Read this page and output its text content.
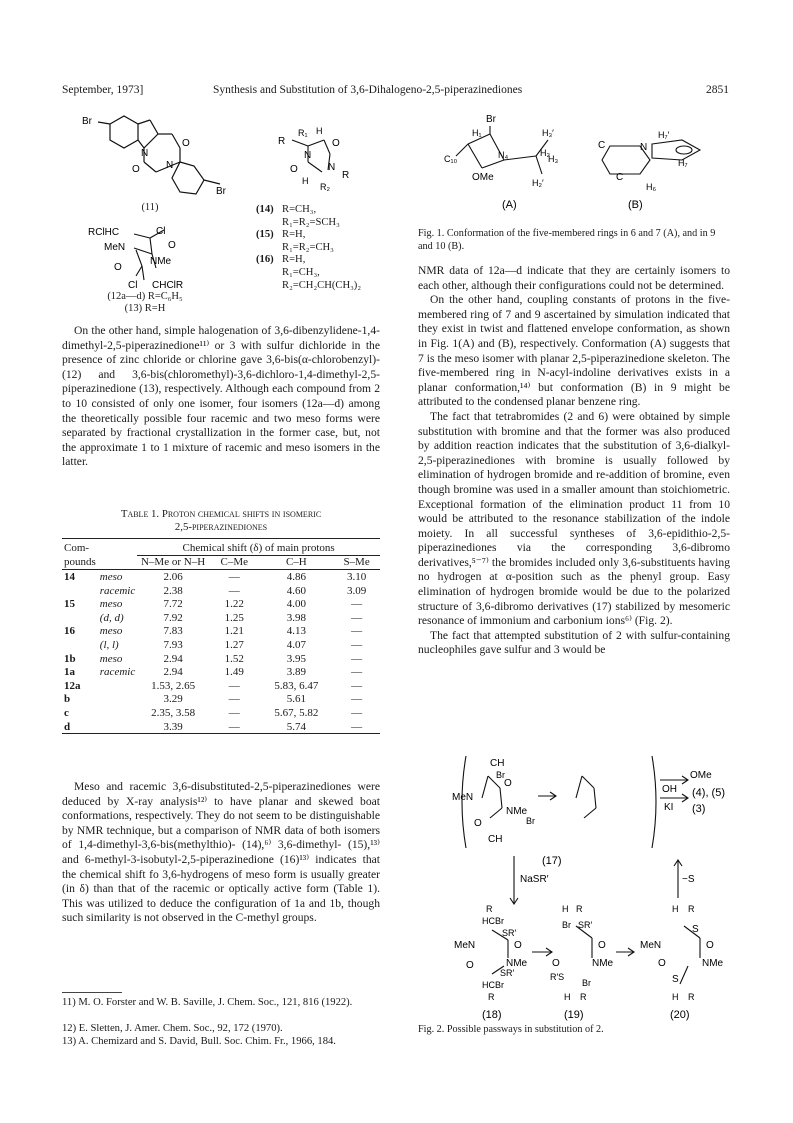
September, 1973]	Synthesis and Substitution of 3,6-Dihalogeno-2,5-piperazinediones	2851
Br
N
O
O	N
Br
(11)
RClHC	Cl
O
MeN
NMe
O
Cl CHClR
(12a—d) R=C₆H₅
(13) R=H
R
R₁ H
O
N
N
R
O
H
R₂
(14) R=CH₃,
R₁=R₂=SCH₃
(15) R=H,
R₁=R₂=CH₃
(16) R=H,
R₁=CH₃,
R₂=CH₂CH(CH₃)₂

On the other hand, simple halogenation of 3,6-dibenzylidene-1,4-dimethyl-2,5-piperazinedione¹¹⁾ or 3 with sulfur dichloride in the presence of zinc chloride or chlorine gave 3,6-bis(α-chlorobenzyl)- (12) and 3,6-bis(chloromethyl)-3,6-dichloro-1,4-dimethyl-2,5-piperazinedione (13), respectively. Although each compound from 2 to 10 consisted of only one isomer, four isomers (12a—d) among the theoretically possible four racemic and two meso forms were separated by fractional crystallization in the former case, but, not the approximate 1 to 1 mixture of racemic and meso isomers in the latter.

Table 1. Proton chemical shifts in isomeric
2,5-piperazinediones

Com-		Chemical shift (δ) of main protons			
pounds		N–Me or N–H	C–Me	C–H	S–Me
14	meso	2.06	—	4.86	3.10
	racemic	2.38	—	4.60	3.09
15	meso	7.72	1.22	4.00	—
	(d, d)	7.92	1.25	3.98	—
16	meso	7.83	1.21	4.13	—
	(l, l)	7.93	1.27	4.07	—
1b	meso	2.94	1.52	3.95	—
1a	racemic	2.94	1.49	3.89	—
12a		1.53, 2.65	—	5.83, 6.47	—
b		3.29	—	5.61	—
c		2.35, 3.58	—	5.67, 5.82	—
d		3.39	—	5.74	—

Meso and racemic 3,6-disubstituted-2,5-piperazinediones were deduced by X-ray analysis¹²⁾ to have planar and skewed boat conformations, respectively. They do not seem to be distinguishable by NMR technique, but a comparison of NMR data of both isomers of 1,4-dimethyl-3,6-bis(methylthio)- (14),⁶⁾ 3,6-dimethyl- (15),¹³⁾ and 6-methyl-3-isobutyl-2,5-piperazinedione (16)¹³⁾ indicates that the chemical shift fo 3,6-hydrogens of meso form is usually greater (in δ) than that of the racemic or optically active form (Table 1). This was utilized to deduce the configuration of 1a and 1b, though such similarity is not observed in the C-methyl groups.

11) M. O. Forster and W. B. Saville, J. Chem. Soc., 121, 816 (1922).
12) E. Sletten, J. Amer. Chem. Soc., 92, 172 (1970).
13) A. Chemizard and S. David, Bull. Soc. Chim. Fr., 1966, 184.
Br
H₁	H₃′
C₁₀	N₄	H₃
H₂
OMe	H₂′
C	N
H₇′
H₇
C
H₆
(A)	(B)
Fig. 1. Conformation of the five-membered rings in 6 and 7 (A), and in 9 and 10 (B).

NMR data of 12a—d indicate that they are certainly isomers to each other, although their configurations could not be determined.

On the other hand, coupling constants of protons in the five-membered ring of 7 and 9 ascertained by simulation indicated that they exist in twist and flattened envelope conformation, as shown in Fig. 1(A) and (B), respectively. Conformation (A) suggests that 7 is the meso isomer with planar 2,5-piperazinedione skeleton. The five-membered ring in N-acyl-indoline derivatives exists in a planar conformation,¹⁴⁾ but conformation (B) in 9 might be attributed to the condensed planar benzene ring.

The fact that tetrabromides (2 and 6) were obtained by simple substitution with bromine and that the former was also produced by addition reaction indicates that the substitution of 3,6-dialkyl-2,5-piperazinediones with bromine is usually followed by elimination of hydrogen bromide and re-addition of bromine, even though bromine was used in a smaller amount than stoichiometric. Exceptional formation of the elimination product 11 from 10 would be attributed to the resonance stabilization of the indole moiety. In all successful syntheses of 3,6-epidithio-2,5-piperazinediones via the corresponding 3,6-dibromo derivatives,⁵⁻⁷⁾ the bromides included only 3,6-substituents having no hydrogen at α-position such as the phenyl group. Easy elimination of hydrogen bromide would be due to the polarized structure of 3,6-dibromo derivatives (17) stabilized by mesomeric resonance of immonium and carbonium ions⁶⁾ (Fig. 2).

The fact that attempted substitution of 2 with sulfur-containing nucleophiles gave sulfur and 3 would be

CH
MeN
O
NMe
O
CH
Br
Br
OMe
OH (4), (5)
KI (3)
NaSR′
(17)
−S
R
HCBr
SR′
MeN	O
NMe
O
SR′
HCBr
R
H R
Br SR′
O
NMe
O
R′S
Br
H R
H R
S
MeN	O
NMe
O
S
H R
(18)	(19)	(20)
Fig. 2. Possible passways in substitution of 2.
